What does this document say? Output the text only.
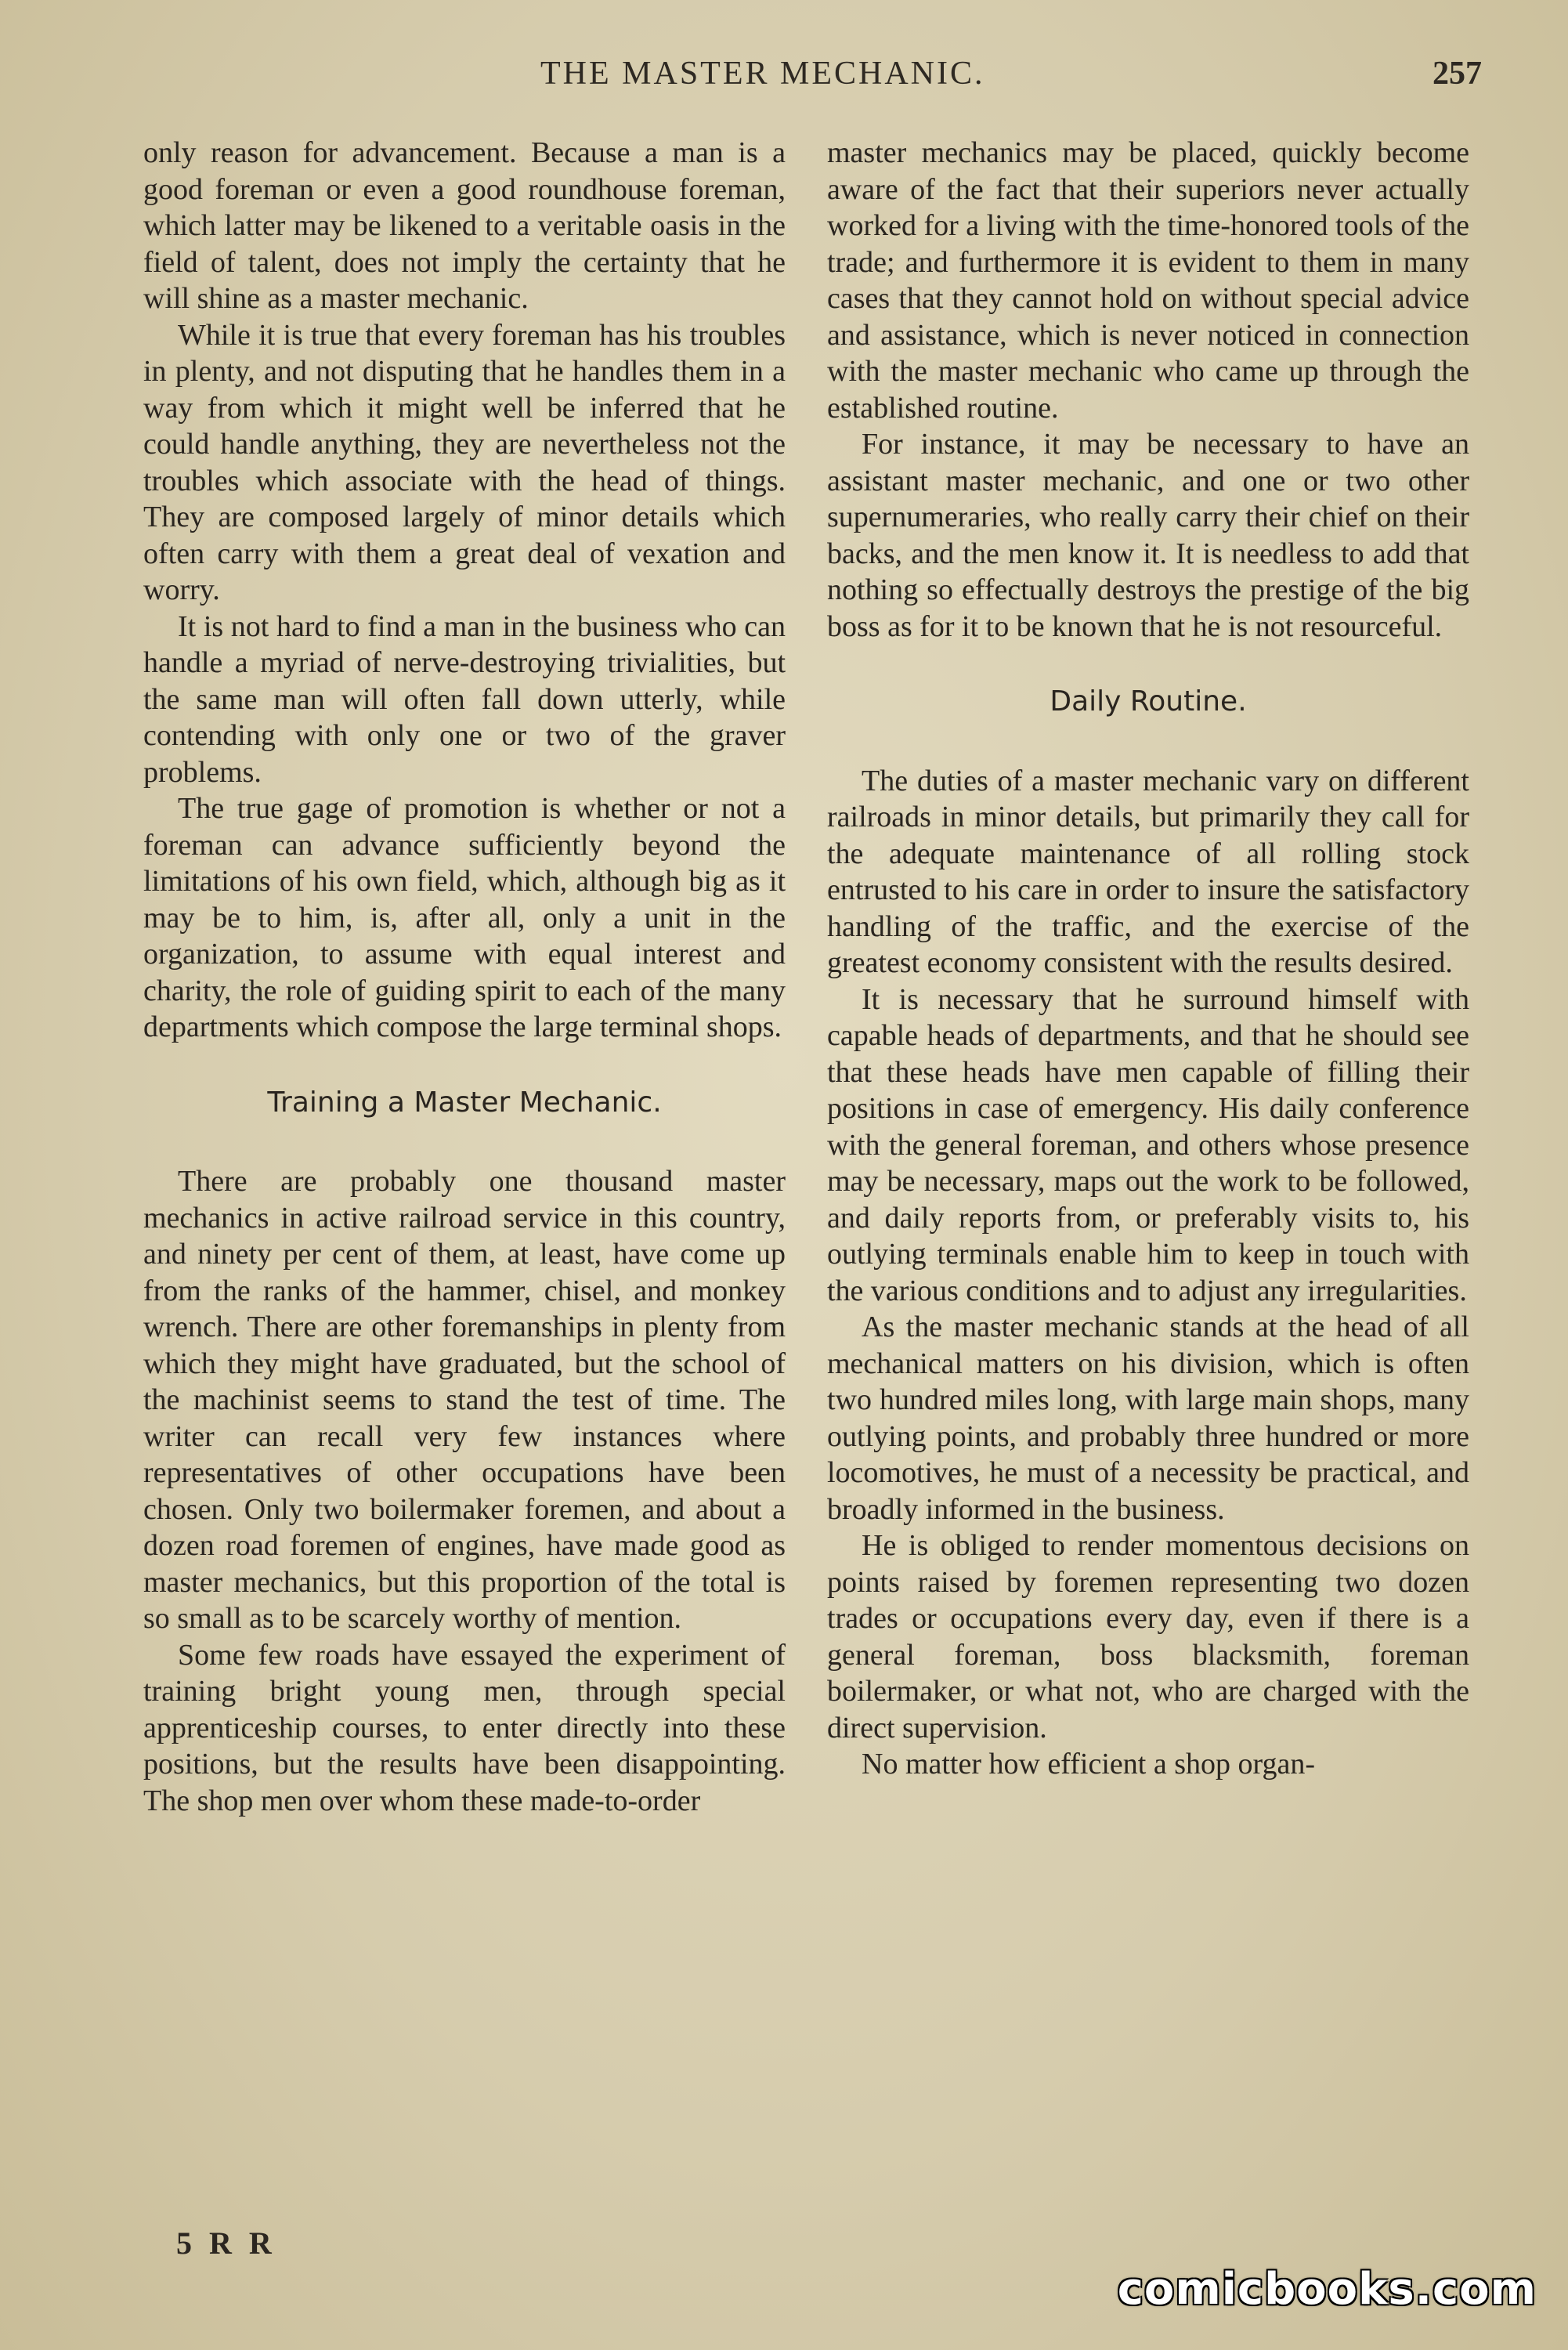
THE MASTER MECHANIC.	257

only reason for advancement. Because a man is a good foreman or even a good roundhouse foreman, which latter may be likened to a veritable oasis in the field of talent, does not imply the certainty that he will shine as a master mechanic.

While it is true that every foreman has his troubles in plenty, and not disputing that he handles them in a way from which it might well be inferred that he could handle anything, they are nevertheless not the troubles which associate with the head of things. They are composed largely of minor details which often carry with them a great deal of vexation and worry.

It is not hard to find a man in the business who can handle a myriad of nerve-destroying trivialities, but the same man will often fall down utterly, while contending with only one or two of the graver problems.

The true gage of promotion is whether or not a foreman can advance sufficiently beyond the limitations of his own field, which, although big as it may be to him, is, after all, only a unit in the organization, to assume with equal interest and charity, the role of guiding spirit to each of the many departments which compose the large terminal shops.

Training a Master Mechanic.

There are probably one thousand master mechanics in active railroad service in this country, and ninety per cent of them, at least, have come up from the ranks of the hammer, chisel, and monkey wrench. There are other foremanships in plenty from which they might have graduated, but the school of the machinist seems to stand the test of time. The writer can recall very few instances where representatives of other occupations have been chosen. Only two boilermaker foremen, and about a dozen road foremen of engines, have made good as master mechanics, but this proportion of the total is so small as to be scarcely worthy of mention.

Some few roads have essayed the experiment of training bright young men, through special apprenticeship courses, to enter directly into these positions, but the results have been disappointing. The shop men over whom these made-to-order

master mechanics may be placed, quickly become aware of the fact that their superiors never actually worked for a living with the time-honored tools of the trade; and furthermore it is evident to them in many cases that they cannot hold on without special advice and assistance, which is never noticed in connection with the master mechanic who came up through the established routine.

For instance, it may be necessary to have an assistant master mechanic, and one or two other supernumeraries, who really carry their chief on their backs, and the men know it. It is needless to add that nothing so effectually destroys the prestige of the big boss as for it to be known that he is not resourceful.

Daily Routine.

The duties of a master mechanic vary on different railroads in minor details, but primarily they call for the adequate maintenance of all rolling stock entrusted to his care in order to insure the satisfactory handling of the traffic, and the exercise of the greatest economy consistent with the results desired.

It is necessary that he surround himself with capable heads of departments, and that he should see that these heads have men capable of filling their positions in case of emergency. His daily conference with the general foreman, and others whose presence may be necessary, maps out the work to be followed, and daily reports from, or preferably visits to, his outlying terminals enable him to keep in touch with the various conditions and to adjust any irregularities.

As the master mechanic stands at the head of all mechanical matters on his division, which is often two hundred miles long, with large main shops, many outlying points, and probably three hundred or more locomotives, he must of a necessity be practical, and broadly informed in the business.

He is obliged to render momentous decisions on points raised by foremen representing two dozen trades or occupations every day, even if there is a general foreman, boss blacksmith, foreman boilermaker, or what not, who are charged with the direct supervision.

No matter how efficient a shop organ-

5 R R
comicbooks.com
